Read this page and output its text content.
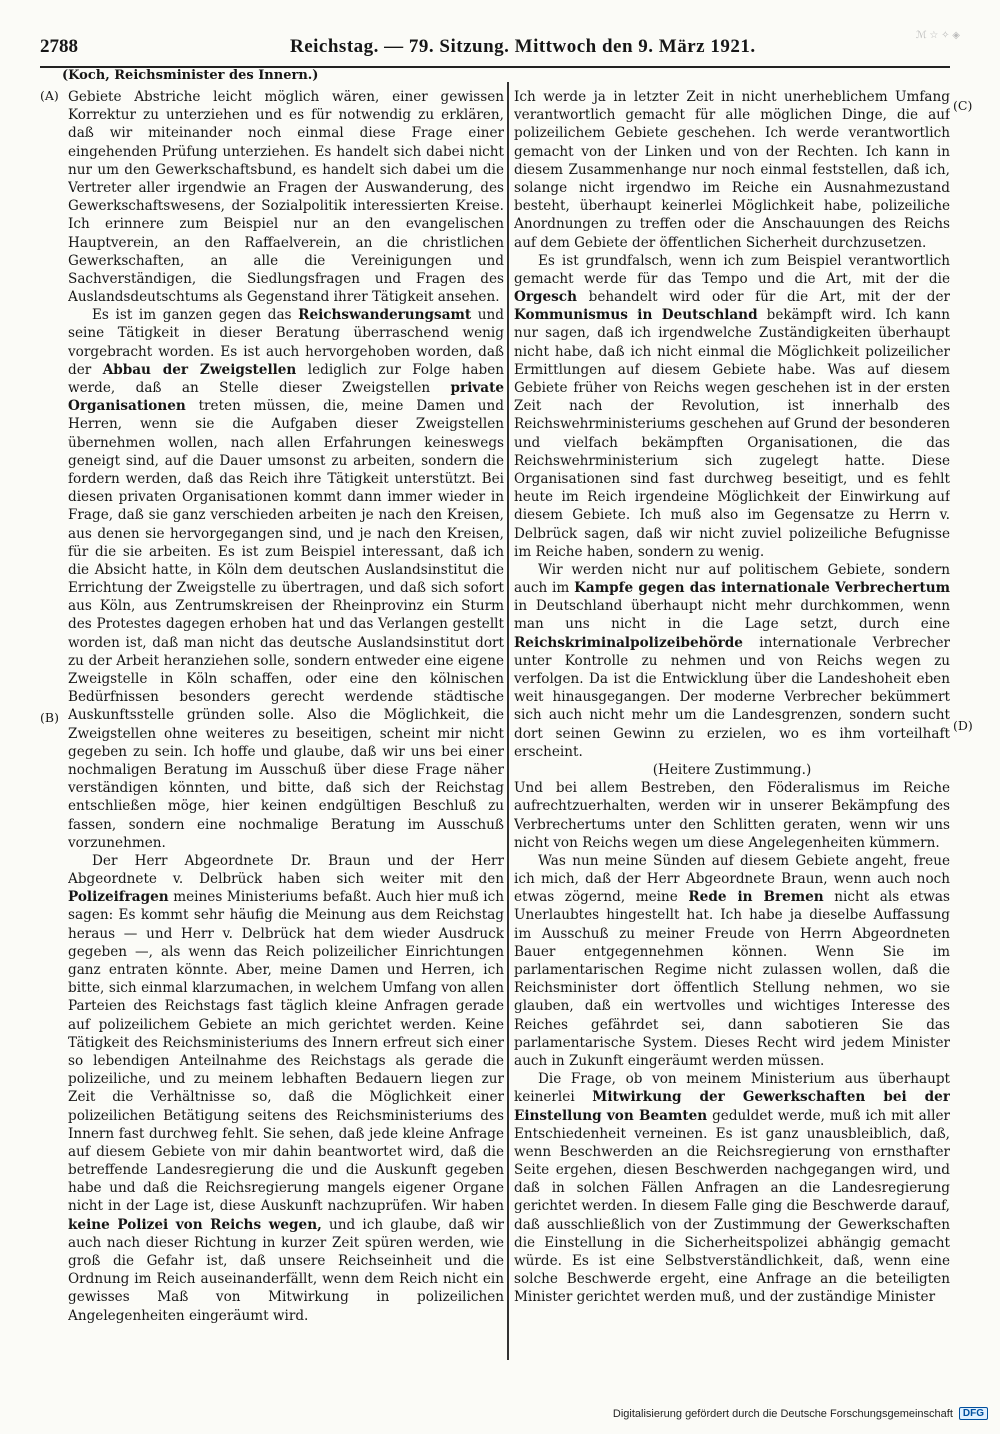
ℳ ☆ ✧ ◈
2788	Reichstag. — 79. Sitzung. Mittwoch den 9. März 1921.
(Koch, Reichsminister des Innern.)
(A)
(B)
(C)
(D)

Gebiete Abstriche leicht möglich wären, einer gewissen Korrektur zu unterziehen und es für notwendig zu erklären, daß wir miteinander noch einmal diese Frage einer eingehenden Prüfung unterziehen. Es handelt sich dabei nicht nur um den Gewerkschaftsbund, es handelt sich dabei um die Vertreter aller irgendwie an Fragen der Auswanderung, des Gewerkschaftswesens, der Sozialpolitik interessierten Kreise. Ich erinnere zum Beispiel nur an den evangelischen Hauptverein, an den Raffaelverein, an die christlichen Gewerkschaften, an alle die Vereinigungen und Sachverständigen, die Siedlungsfragen und Fragen des Auslandsdeutschtums als Gegenstand ihrer Tätigkeit ansehen.

Es ist im ganzen gegen das Reichswanderungsamt und seine Tätigkeit in dieser Beratung überraschend wenig vorgebracht worden. Es ist auch hervorgehoben worden, daß der Abbau der Zweigstellen lediglich zur Folge haben werde, daß an Stelle dieser Zweigstellen private Organisationen treten müssen, die, meine Damen und Herren, wenn sie die Aufgaben dieser Zweigstellen übernehmen wollen, nach allen Erfahrungen keineswegs geneigt sind, auf die Dauer umsonst zu arbeiten, sondern die fordern werden, daß das Reich ihre Tätigkeit unterstützt. Bei diesen privaten Organisationen kommt dann immer wieder in Frage, daß sie ganz verschieden arbeiten je nach den Kreisen, aus denen sie hervorgegangen sind, und je nach den Kreisen, für die sie arbeiten. Es ist zum Beispiel interessant, daß ich die Absicht hatte, in Köln dem deutschen Auslandsinstitut die Errichtung der Zweigstelle zu übertragen, und daß sich sofort aus Köln, aus Zentrumskreisen der Rheinprovinz ein Sturm des Protestes dagegen erhoben hat und das Verlangen gestellt worden ist, daß man nicht das deutsche Auslandsinstitut dort zu der Arbeit heranziehen solle, sondern entweder eine eigene Zweigstelle in Köln schaffen, oder eine den kölnischen Bedürfnissen besonders gerecht werdende städtische Auskunftsstelle gründen solle. Also die Möglichkeit, die Zweigstellen ohne weiteres zu beseitigen, scheint mir nicht gegeben zu sein. Ich hoffe und glaube, daß wir uns bei einer nochmaligen Beratung im Ausschuß über diese Frage näher verständigen könnten, und bitte, daß sich der Reichstag entschließen möge, hier keinen endgültigen Beschluß zu fassen, sondern eine nochmalige Beratung im Ausschuß vorzunehmen.

Der Herr Abgeordnete Dr. Braun und der Herr Abgeordnete v. Delbrück haben sich weiter mit den Polizeifragen meines Ministeriums befaßt. Auch hier muß ich sagen: Es kommt sehr häufig die Meinung aus dem Reichstag heraus — und Herr v. Delbrück hat dem wieder Ausdruck gegeben —, als wenn das Reich polizeilicher Einrichtungen ganz entraten könnte. Aber, meine Damen und Herren, ich bitte, sich einmal klarzumachen, in welchem Umfang von allen Parteien des Reichstags fast täglich kleine Anfragen gerade auf polizeilichem Gebiete an mich gerichtet werden. Keine Tätigkeit des Reichsministeriums des Innern erfreut sich einer so lebendigen Anteilnahme des Reichstags als gerade die polizeiliche, und zu meinem lebhaften Bedauern liegen zur Zeit die Verhältnisse so, daß die Möglichkeit einer polizeilichen Betätigung seitens des Reichsministeriums des Innern fast durchweg fehlt. Sie sehen, daß jede kleine Anfrage auf diesem Gebiete von mir dahin beantwortet wird, daß die betreffende Landesregierung die und die Auskunft gegeben habe und daß die Reichsregierung mangels eigener Organe nicht in der Lage ist, diese Auskunft nachzuprüfen. Wir haben keine Polizei von Reichs wegen, und ich glaube, daß wir auch nach dieser Richtung in kurzer Zeit spüren werden, wie groß die Gefahr ist, daß unsere Reichseinheit und die Ordnung im Reich auseinanderfällt, wenn dem Reich nicht ein gewisses Maß von Mitwirkung in polizeilichen Angelegenheiten eingeräumt wird.

Ich werde ja in letzter Zeit in nicht unerheblichem Umfang verantwortlich gemacht für alle möglichen Dinge, die auf polizeilichem Gebiete geschehen. Ich werde verantwortlich gemacht von der Linken und von der Rechten. Ich kann in diesem Zusammenhange nur noch einmal feststellen, daß ich, solange nicht irgendwo im Reiche ein Ausnahmezustand besteht, überhaupt keinerlei Möglichkeit habe, polizeiliche Anordnungen zu treffen oder die Anschauungen des Reichs auf dem Gebiete der öffentlichen Sicherheit durchzusetzen.

Es ist grundfalsch, wenn ich zum Beispiel verantwortlich gemacht werde für das Tempo und die Art, mit der die Orgesch behandelt wird oder für die Art, mit der der Kommunismus in Deutschland bekämpft wird. Ich kann nur sagen, daß ich irgendwelche Zuständigkeiten überhaupt nicht habe, daß ich nicht einmal die Möglichkeit polizeilicher Ermittlungen auf diesem Gebiete habe. Was auf diesem Gebiete früher von Reichs wegen geschehen ist in der ersten Zeit nach der Revolution, ist innerhalb des Reichswehrministeriums geschehen auf Grund der besonderen und vielfach bekämpften Organisationen, die das Reichswehrministerium sich zugelegt hatte. Diese Organisationen sind fast durchweg beseitigt, und es fehlt heute im Reich irgendeine Möglichkeit der Einwirkung auf diesem Gebiete. Ich muß also im Gegensatze zu Herrn v. Delbrück sagen, daß wir nicht zuviel polizeiliche Befugnisse im Reiche haben, sondern zu wenig.

Wir werden nicht nur auf politischem Gebiete, sondern auch im Kampfe gegen das internationale Verbrechertum in Deutschland überhaupt nicht mehr durchkommen, wenn man uns nicht in die Lage setzt, durch eine Reichskriminalpolizeibehörde internationale Verbrecher unter Kontrolle zu nehmen und von Reichs wegen zu verfolgen. Da ist die Entwicklung über die Landeshoheit eben weit hinausgegangen. Der moderne Verbrecher bekümmert sich auch nicht mehr um die Landesgrenzen, sondern sucht dort seinen Gewinn zu erzielen, wo es ihm vorteilhaft erscheint.

(Heitere Zustimmung.)

Und bei allem Bestreben, den Föderalismus im Reiche aufrechtzuerhalten, werden wir in unserer Bekämpfung des Verbrechertums unter den Schlitten geraten, wenn wir uns nicht von Reichs wegen um diese Angelegenheiten kümmern.

Was nun meine Sünden auf diesem Gebiete angeht, freue ich mich, daß der Herr Abgeordnete Braun, wenn auch noch etwas zögernd, meine Rede in Bremen nicht als etwas Unerlaubtes hingestellt hat. Ich habe ja dieselbe Auffassung im Ausschuß zu meiner Freude von Herrn Abgeordneten Bauer entgegennehmen können. Wenn Sie im parlamentarischen Regime nicht zulassen wollen, daß die Reichsminister dort öffentlich Stellung nehmen, wo sie glauben, daß ein wertvolles und wichtiges Interesse des Reiches gefährdet sei, dann sabotieren Sie das parlamentarische System. Dieses Recht wird jedem Minister auch in Zukunft eingeräumt werden müssen.

Die Frage, ob von meinem Ministerium aus überhaupt keinerlei Mitwirkung der Gewerkschaften bei der Einstellung von Beamten geduldet werde, muß ich mit aller Entschiedenheit verneinen. Es ist ganz unausbleiblich, daß, wenn Beschwerden an die Reichsregierung von ernsthafter Seite ergehen, diesen Beschwerden nachgegangen wird, und daß in solchen Fällen Anfragen an die Landesregierung gerichtet werden. In diesem Falle ging die Beschwerde darauf, daß ausschließlich von der Zustimmung der Gewerkschaften die Einstellung in die Sicherheitspolizei abhängig gemacht würde. Es ist eine Selbstverständlichkeit, daß, wenn eine solche Beschwerde ergeht, eine Anfrage an die beteiligten Minister gerichtet werden muß, und der zuständige Minister

Digitalisierung gefördert durch die Deutsche Forschungsgemeinschaft	DFG
